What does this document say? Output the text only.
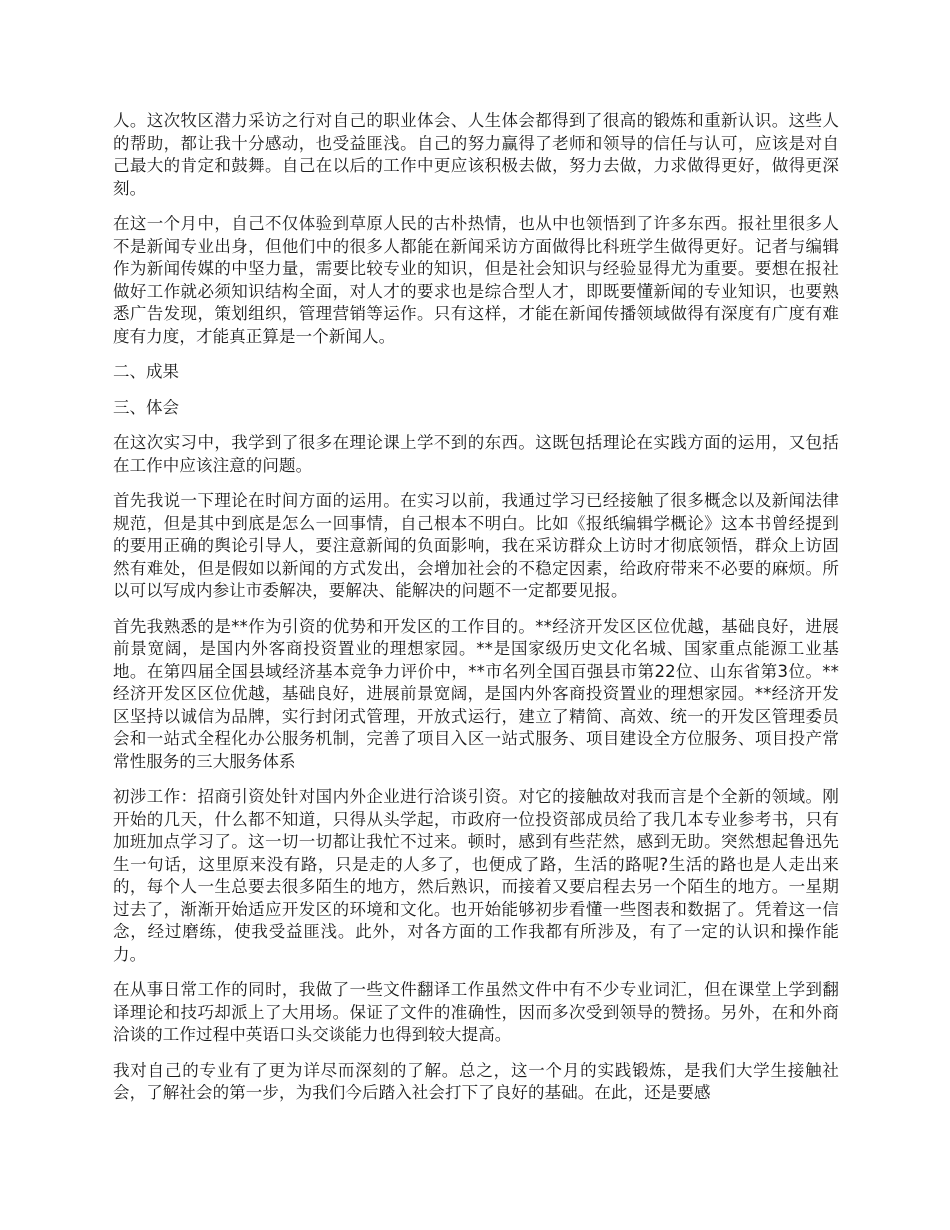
人。这次牧区潜力采访之行对自己的职业体会、人生体会都得到了很高的锻炼和重新认识。这些人的帮助，都让我十分感动，也受益匪浅。自己的努力赢得了老师和领导的信任与认可，应该是对自己最大的肯定和鼓舞。自己在以后的工作中更应该积极去做，努力去做，力求做得更好，做得更深刻。

在这一个月中，自己不仅体验到草原人民的古朴热情，也从中也领悟到了许多东西。报社里很多人不是新闻专业出身，但他们中的很多人都能在新闻采访方面做得比科班学生做得更好。记者与编辑作为新闻传媒的中坚力量，需要比较专业的知识，但是社会知识与经验显得尤为重要。要想在报社做好工作就必须知识结构全面，对人才的要求也是综合型人才，即既要懂新闻的专业知识，也要熟悉广告发现，策划组织，管理营销等运作。只有这样，才能在新闻传播领域做得有深度有广度有难度有力度，才能真正算是一个新闻人。

二、成果

三、体会

在这次实习中，我学到了很多在理论课上学不到的东西。这既包括理论在实践方面的运用，又包括在工作中应该注意的问题。

首先我说一下理论在时间方面的运用。在实习以前，我通过学习已经接触了很多概念以及新闻法律规范，但是其中到底是怎么一回事情，自己根本不明白。比如《报纸编辑学概论》这本书曾经提到的要用正确的舆论引导人，要注意新闻的负面影响，我在采访群众上访时才彻底领悟，群众上访固然有难处，但是假如以新闻的方式发出，会增加社会的不稳定因素，给政府带来不必要的麻烦。所以可以写成内参让市委解决，要解决、能解决的问题不一定都要见报。

首先我熟悉的是**作为引资的优势和开发区的工作目的。**经济开发区区位优越，基础良好，进展前景宽阔，是国内外客商投资置业的理想家园。**是国家级历史文化名城、国家重点能源工业基地。在第四届全国县域经济基本竞争力评价中，**市名列全国百强县市第22位、山东省第3位。**经济开发区区位优越，基础良好，进展前景宽阔，是国内外客商投资置业的理想家园。**经济开发区坚持以诚信为品牌，实行封闭式管理，开放式运行，建立了精简、高效、统一的开发区管理委员会和一站式全程化办公服务机制，完善了项目入区一站式服务、项目建设全方位服务、项目投产常常性服务的三大服务体系

初涉工作：招商引资处针对国内外企业进行洽谈引资。对它的接触故对我而言是个全新的领域。刚开始的几天，什么都不知道，只得从头学起，市政府一位投资部成员给了我几本专业参考书，只有加班加点学习了。这一切一切都让我忙不过来。顿时，感到有些茫然，感到无助。突然想起鲁迅先生一句话，这里原来没有路，只是走的人多了，也便成了路，生活的路呢?生活的路也是人走出来的，每个人一生总要去很多陌生的地方，然后熟识，而接着又要启程去另一个陌生的地方。一星期过去了，渐渐开始适应开发区的环境和文化。也开始能够初步看懂一些图表和数据了。凭着这一信念，经过磨练，使我受益匪浅。此外，对各方面的工作我都有所涉及，有了一定的认识和操作能力。

在从事日常工作的同时，我做了一些文件翻译工作虽然文件中有不少专业词汇，但在课堂上学到翻译理论和技巧却派上了大用场。保证了文件的准确性，因而多次受到领导的赞扬。另外，在和外商洽谈的工作过程中英语口头交谈能力也得到较大提高。

我对自己的专业有了更为详尽而深刻的了解。总之，这一个月的实践锻炼，是我们大学生接触社会，了解社会的第一步，为我们今后踏入社会打下了良好的基础。在此，还是要感
